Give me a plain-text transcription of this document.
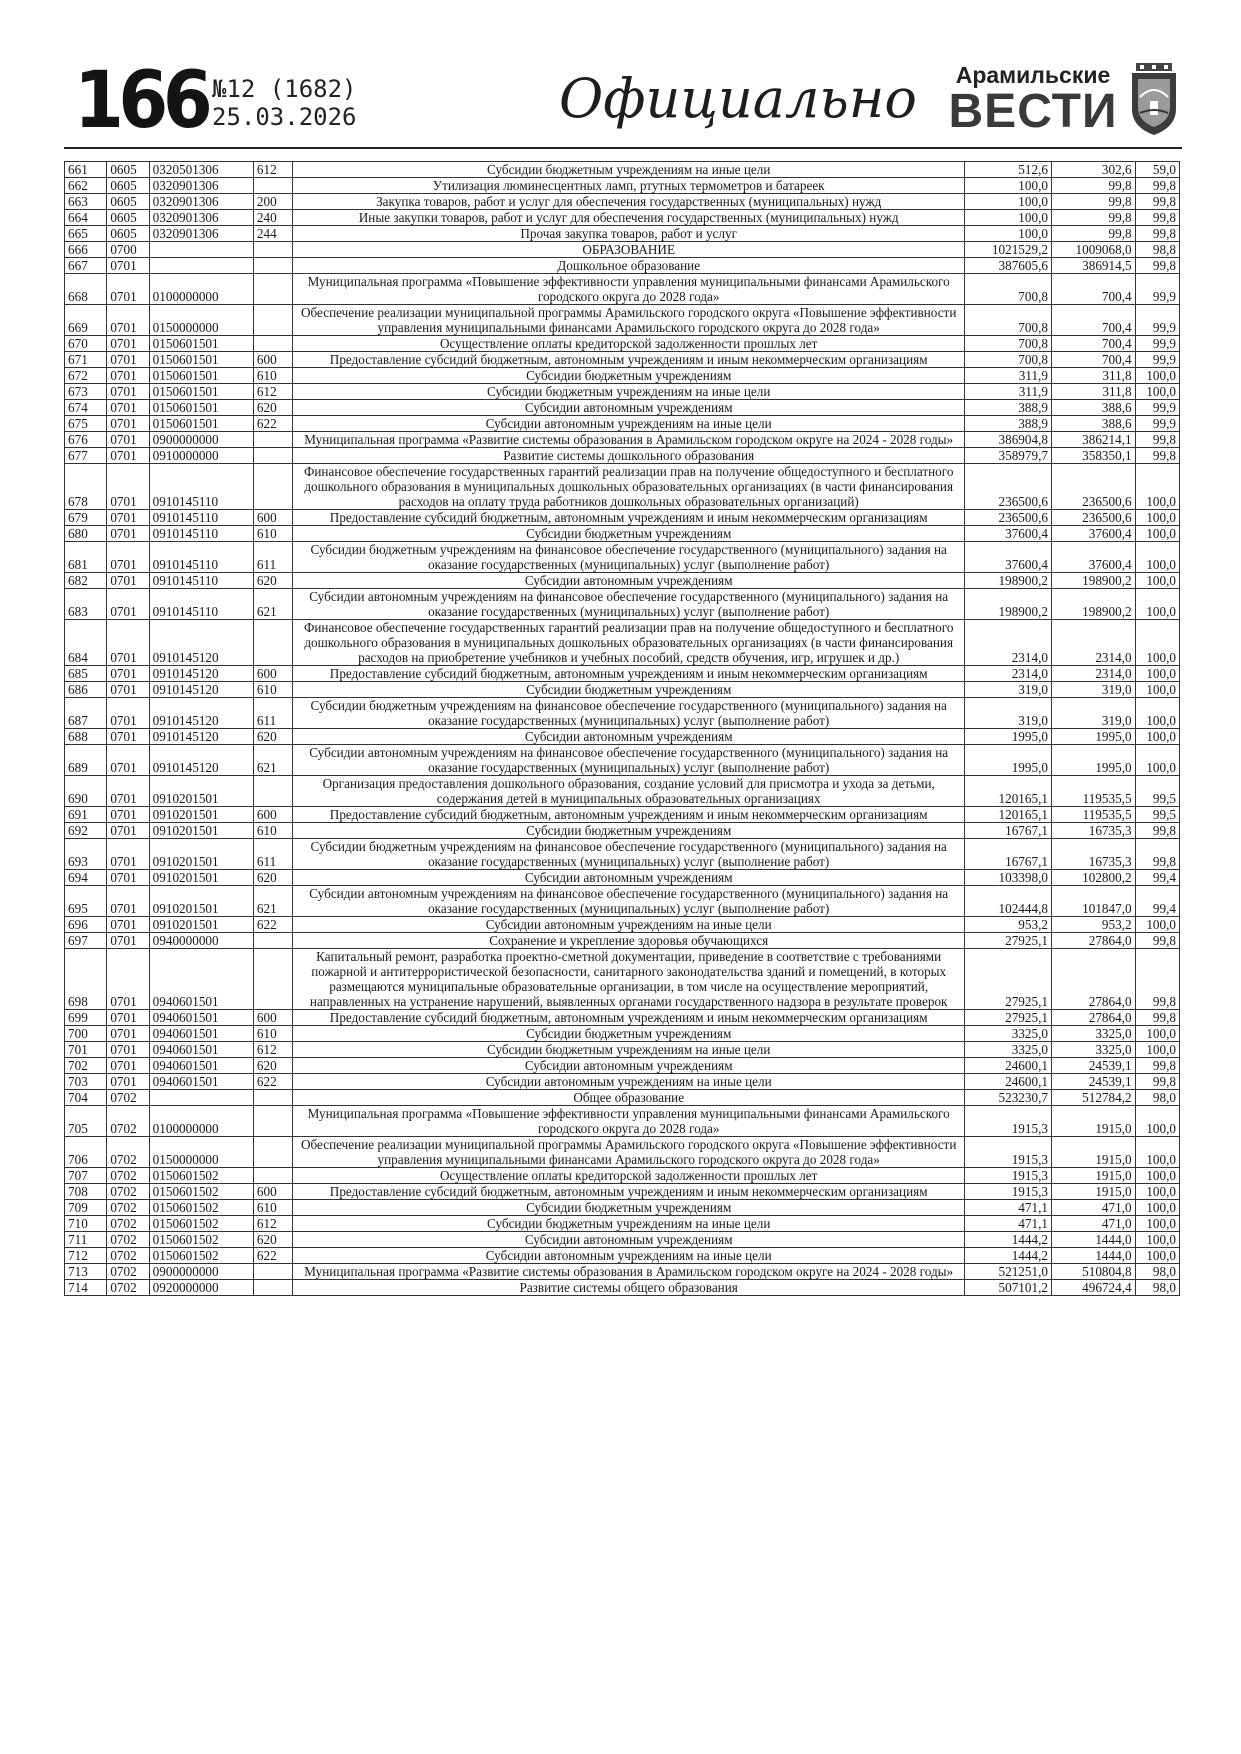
166 №12 (1682)
25.03.2026	Официально	Арамильские
ВЕСТИ
661	0605	0320501306	612	Субсидии бюджетным учреждениям на иные цели	512,6	302,6	59,0
662	0605	0320901306		Утилизация люминесцентных ламп, ртутных термометров и батареек	100,0	99,8	99,8
663	0605	0320901306	200	Закупка товаров, работ и услуг для обеспечения государственных (муниципальных) нужд	100,0	99,8	99,8
664	0605	0320901306	240	Иные закупки товаров, работ и услуг для обеспечения государственных (муниципальных) нужд	100,0	99,8	99,8
665	0605	0320901306	244	Прочая закупка товаров, работ и услуг	100,0	99,8	99,8
666	0700			ОБРАЗОВАНИЕ	1021529,2	1009068,0	98,8
667	0701			Дошкольное образование	387605,6	386914,5	99,8
668	0701	0100000000		Муниципальная программа «Повышение эффективности управления муниципальными финансами Арамильского городского округа до 2028 года»	700,8	700,4	99,9
669	0701	0150000000		Обеспечение реализации муниципальной программы Арамильского городского округа «Повышение эффективности управления муниципальными финансами Арамильского городского округа до 2028 года»	700,8	700,4	99,9
670	0701	0150601501		Осуществление оплаты кредиторской задолженности прошлых лет	700,8	700,4	99,9
671	0701	0150601501	600	Предоставление субсидий бюджетным, автономным учреждениям и иным некоммерческим организациям	700,8	700,4	99,9
672	0701	0150601501	610	Субсидии бюджетным учреждениям	311,9	311,8	100,0
673	0701	0150601501	612	Субсидии бюджетным учреждениям на иные цели	311,9	311,8	100,0
674	0701	0150601501	620	Субсидии автономным учреждениям	388,9	388,6	99,9
675	0701	0150601501	622	Субсидии автономным учреждениям на иные цели	388,9	388,6	99,9
676	0701	0900000000		Муниципальная программа «Развитие системы образования в Арамильском городском округе на 2024 - 2028 годы»	386904,8	386214,1	99,8
677	0701	0910000000		Развитие системы дошкольного образования	358979,7	358350,1	99,8
678	0701	0910145110		Финансовое обеспечение государственных гарантий реализации прав на получение общедоступного и бесплатного дошкольного образования в муниципальных дошкольных образовательных организациях (в части финансирования расходов на оплату труда работников дошкольных образовательных организаций)	236500,6	236500,6	100,0
679	0701	0910145110	600	Предоставление субсидий бюджетным, автономным учреждениям и иным некоммерческим организациям	236500,6	236500,6	100,0
680	0701	0910145110	610	Субсидии бюджетным учреждениям	37600,4	37600,4	100,0
681	0701	0910145110	611	Субсидии бюджетным учреждениям на финансовое обеспечение государственного (муниципального) задания на оказание государственных (муниципальных) услуг (выполнение работ)	37600,4	37600,4	100,0
682	0701	0910145110	620	Субсидии автономным учреждениям	198900,2	198900,2	100,0
683	0701	0910145110	621	Субсидии автономным учреждениям на финансовое обеспечение государственного (муниципального) задания на оказание государственных (муниципальных) услуг (выполнение работ)	198900,2	198900,2	100,0
684	0701	0910145120		Финансовое обеспечение государственных гарантий реализации прав на получение общедоступного и бесплатного дошкольного образования в муниципальных дошкольных образовательных организациях (в части финансирования расходов на приобретение учебников и учебных пособий, средств обучения, игр, игрушек и др.)	2314,0	2314,0	100,0
685	0701	0910145120	600	Предоставление субсидий бюджетным, автономным учреждениям и иным некоммерческим организациям	2314,0	2314,0	100,0
686	0701	0910145120	610	Субсидии бюджетным учреждениям	319,0	319,0	100,0
687	0701	0910145120	611	Субсидии бюджетным учреждениям на финансовое обеспечение государственного (муниципального) задания на оказание государственных (муниципальных) услуг (выполнение работ)	319,0	319,0	100,0
688	0701	0910145120	620	Субсидии автономным учреждениям	1995,0	1995,0	100,0
689	0701	0910145120	621	Субсидии автономным учреждениям на финансовое обеспечение государственного (муниципального) задания на оказание государственных (муниципальных) услуг (выполнение работ)	1995,0	1995,0	100,0
690	0701	0910201501		Организация предоставления дошкольного образования, создание условий для присмотра и ухода за детьми, содержания детей в муниципальных образовательных организациях	120165,1	119535,5	99,5
691	0701	0910201501	600	Предоставление субсидий бюджетным, автономным учреждениям и иным некоммерческим организациям	120165,1	119535,5	99,5
692	0701	0910201501	610	Субсидии бюджетным учреждениям	16767,1	16735,3	99,8
693	0701	0910201501	611	Субсидии бюджетным учреждениям на финансовое обеспечение государственного (муниципального) задания на оказание государственных (муниципальных) услуг (выполнение работ)	16767,1	16735,3	99,8
694	0701	0910201501	620	Субсидии автономным учреждениям	103398,0	102800,2	99,4
695	0701	0910201501	621	Субсидии автономным учреждениям на финансовое обеспечение государственного (муниципального) задания на оказание государственных (муниципальных) услуг (выполнение работ)	102444,8	101847,0	99,4
696	0701	0910201501	622	Субсидии автономным учреждениям на иные цели	953,2	953,2	100,0
697	0701	0940000000		Сохранение и укрепление здоровья обучающихся	27925,1	27864,0	99,8
698	0701	0940601501		Капитальный ремонт, разработка проектно-сметной документации, приведение в соответствие с требованиями пожарной и антитеррористической безопасности, санитарного законодательства зданий и помещений, в которых размещаются муниципальные образовательные организации, в том числе на осуществление мероприятий, направленных на устранение нарушений, выявленных органами государственного надзора в результате проверок	27925,1	27864,0	99,8
699	0701	0940601501	600	Предоставление субсидий бюджетным, автономным учреждениям и иным некоммерческим организациям	27925,1	27864,0	99,8
700	0701	0940601501	610	Субсидии бюджетным учреждениям	3325,0	3325,0	100,0
701	0701	0940601501	612	Субсидии бюджетным учреждениям на иные цели	3325,0	3325,0	100,0
702	0701	0940601501	620	Субсидии автономным учреждениям	24600,1	24539,1	99,8
703	0701	0940601501	622	Субсидии автономным учреждениям на иные цели	24600,1	24539,1	99,8
704	0702			Общее образование	523230,7	512784,2	98,0
705	0702	0100000000		Муниципальная программа «Повышение эффективности управления муниципальными финансами Арамильского городского округа до 2028 года»	1915,3	1915,0	100,0
706	0702	0150000000		Обеспечение реализации муниципальной программы Арамильского городского округа «Повышение эффективности управления муниципальными финансами Арамильского городского округа до 2028 года»	1915,3	1915,0	100,0
707	0702	0150601502		Осуществление оплаты кредиторской задолженности прошлых лет	1915,3	1915,0	100,0
708	0702	0150601502	600	Предоставление субсидий бюджетным, автономным учреждениям и иным некоммерческим организациям	1915,3	1915,0	100,0
709	0702	0150601502	610	Субсидии бюджетным учреждениям	471,1	471,0	100,0
710	0702	0150601502	612	Субсидии бюджетным учреждениям на иные цели	471,1	471,0	100,0
711	0702	0150601502	620	Субсидии автономным учреждениям	1444,2	1444,0	100,0
712	0702	0150601502	622	Субсидии автономным учреждениям на иные цели	1444,2	1444,0	100,0
713	0702	0900000000		Муниципальная программа «Развитие системы образования в Арамильском городском округе на 2024 - 2028 годы»	521251,0	510804,8	98,0
714	0702	0920000000		Развитие системы общего образования	507101,2	496724,4	98,0
